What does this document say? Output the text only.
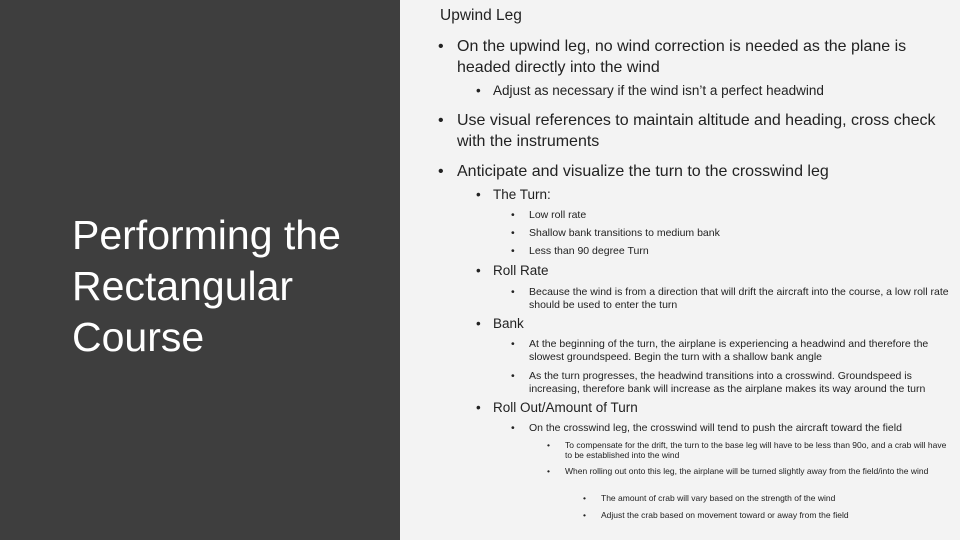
Performing the Rectangular Course
Upwind Leg
• On the upwind leg, no wind correction is needed as the plane is headed directly into the wind
• Adjust as necessary if the wind isn’t a perfect headwind
• Use visual references to maintain altitude and heading, cross check with the instruments
• Anticipate and visualize the turn to the crosswind leg
• The Turn:
• Low roll rate
• Shallow bank transitions to medium bank
• Less than 90 degree Turn
• Roll Rate
• Because the wind is from a direction that will drift the aircraft into the course, a low roll rate should be used to enter the turn
• Bank
• At the beginning of the turn, the airplane is experiencing a headwind and therefore the slowest groundspeed. Begin the turn with a shallow bank angle
• As the turn progresses, the headwind transitions into a crosswind. Groundspeed is increasing, therefore bank will increase as the airplane makes its way around the turn
• Roll Out/Amount of Turn
• On the crosswind leg, the crosswind will tend to push the aircraft toward the field
• To compensate for the drift, the turn to the base leg will have to be less than 90o, and a crab will have to be established into the wind
• When rolling out onto this leg, the airplane will be turned slightly away from the field/into the wind
• The amount of crab will vary based on the strength of the wind
• Adjust the crab based on movement toward or away from the field
